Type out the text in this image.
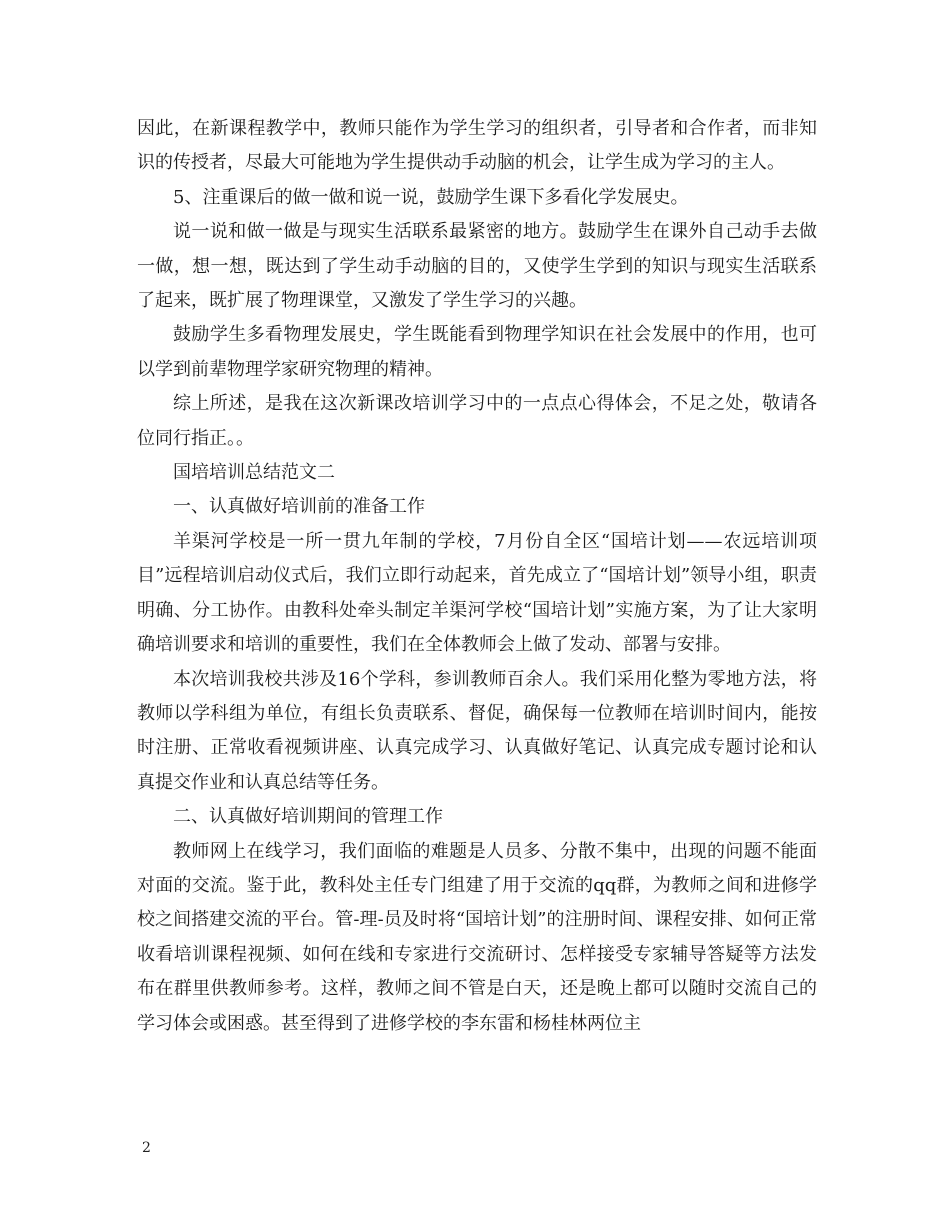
因此，在新课程教学中，教师只能作为学生学习的组织者，引导者和合作者，而非知识的传授者，尽最大可能地为学生提供动手动脑的机会，让学生成为学习的主人。

5、注重课后的做一做和说一说，鼓励学生课下多看化学发展史。

说一说和做一做是与现实生活联系最紧密的地方。鼓励学生在课外自己动手去做一做，想一想，既达到了学生动手动脑的目的，又使学生学到的知识与现实生活联系了起来，既扩展了物理课堂，又激发了学生学习的兴趣。

鼓励学生多看物理发展史，学生既能看到物理学知识在社会发展中的作用，也可以学到前辈物理学家研究物理的精神。

综上所述，是我在这次新课改培训学习中的一点点心得体会，不足之处，敬请各位同行指正。。

国培培训总结范文二

一、认真做好培训前的准备工作

羊渠河学校是一所一贯九年制的学校，7月份自全区“国培计划——农远培训项目”远程培训启动仪式后，我们立即行动起来，首先成立了“国培计划”领导小组，职责明确、分工协作。由教科处牵头制定羊渠河学校“国培计划”实施方案，为了让大家明确培训要求和培训的重要性，我们在全体教师会上做了发动、部署与安排。

本次培训我校共涉及16个学科，参训教师百余人。我们采用化整为零地方法，将教师以学科组为单位，有组长负责联系、督促，确保每一位教师在培训时间内，能按时注册、正常收看视频讲座、认真完成学习、认真做好笔记、认真完成专题讨论和认真提交作业和认真总结等任务。

二、认真做好培训期间的管理工作

教师网上在线学习，我们面临的难题是人员多、分散不集中，出现的问题不能面对面的交流。鉴于此，教科处主任专门组建了用于交流的qq群，为教师之间和进修学校之间搭建交流的平台。管-理-员及时将“国培计划”的注册时间、课程安排、如何正常收看培训课程视频、如何在线和专家进行交流研讨、怎样接受专家辅导答疑等方法发布在群里供教师参考。这样，教师之间不管是白天，还是晚上都可以随时交流自己的学习体会或困惑。甚至得到了进修学校的李东雷和杨桂林两位主

2
